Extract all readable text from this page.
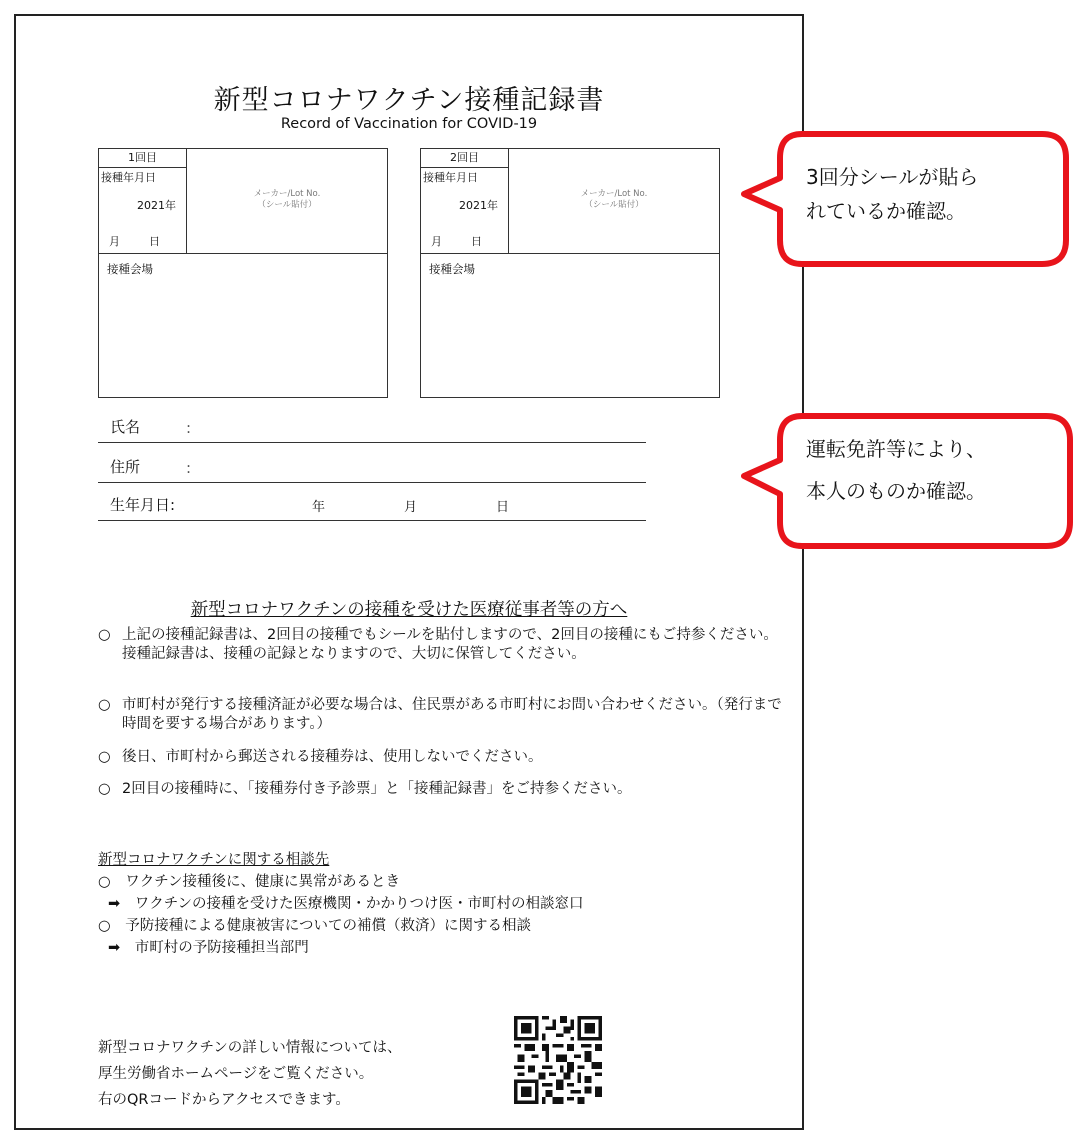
新型コロナワクチン接種記録書
Record of Vaccination for COVID-19
1回目
接種年月日
2021年
月	日
メーカー/Lot No.
（シール貼付）
接種会場
2回目
接種年月日
2021年
月	日
メーカー/Lot No.
（シール貼付）
接種会場
氏名	:
住所	:
生年月日:	年	月	日
新型コロナワクチンの接種を受けた医療従事者等の方へ
○ 上記の接種記録書は、2回目の接種でもシールを貼付しますので、2回目の接種にもご持参ください。接種記録書は、接種の記録となりますので、大切に保管してください。
○ 市町村が発行する接種済証が必要な場合は、住民票がある市町村にお問い合わせください。（発行まで時間を要する場合があります。）
○ 後日、市町村から郵送される接種券は、使用しないでください。
○ 2回目の接種時に、「接種券付き予診票」と「接種記録書」をご持参ください。
新型コロナワクチンに関する相談先
○ ワクチン接種後に、健康に異常があるとき
➡ ワクチンの接種を受けた医療機関・かかりつけ医・市町村の相談窓口
○ 予防接種による健康被害についての補償（救済）に関する相談
➡ 市町村の予防接種担当部門
新型コロナワクチンの詳しい情報については、
厚生労働省ホームページをご覧ください。
右のQRコードからアクセスできます。
3回分シールが貼ら
れているか確認。
運転免許等により、
本人のものか確認。
